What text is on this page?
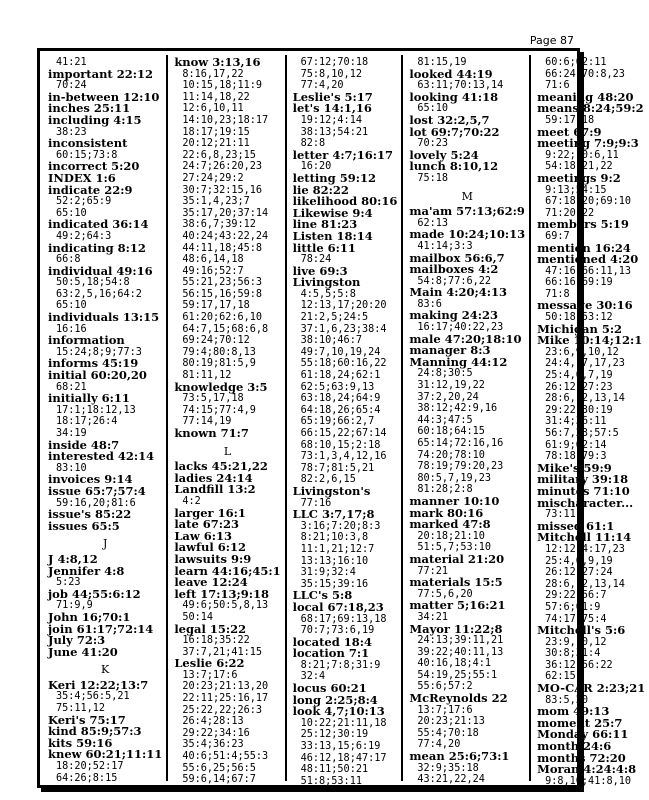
Page 87
41:21
important 22:12
70:24
in-between 12:10
inches 25:11
including 4:15
38:23
inconsistent
60:15;73:8
incorrect 5:20
INDEX 1:6
indicate 22:9
52:2;65:9
65:10
indicated 36:14
49:2;64:3
indicating 8:12
66:8
individual 49:16
50:5,18;54:8
63:2,5,16;64:2
65:10
individuals 13:15
16:16
information
15:24;8;9;77:3
informs 45:19
initial 60:20,20
68:21
initially 6:11
17:1;18:12,13
18:17;26:4
34:19
inside 48:7
interested 42:14
83:10
invoices 9:14
issue 65:7;57:4
59:16,20;81:6
issue's 85:22
issues 65:5
J
J 4:8,12
Jennifer 4:8
5:23
job 44;55:6:12
71:9,9
John 16;70:1
join 61:17;72:14
July 72:3
June 41:20
K
Keri 12:22;13:7
35:4;56:5,21
75:11,12
Keri's 75:17
kind 85:9;57:3
kits 59:16
knew 60:21;11:11
18:20;52:17
64:26;8:15
know 3:13,16
8:16,17,22
10:15,18;11:9
11:14,18,22
12:6,10,11
14:10,23;18:17
18:17;19:15
20:12;21:11
22:6,8,23;15
24:7;26:20,23
27:24;29:2
30:7;32:15,16
35:1,4,23;7
35:17,20;37:14
38:6,7;39:12
40:24;43:22,24
44:11,18;45:8
48:6,14,18
49:16;52:7
55:21,23;56:3
56:15,16;59:8
59:17,17,18
61:20;62:6,10
64:7,15;68:6,8
69:24;70:12
79:4;80:8,13
80:19;81:5,9
81:11,12
knowledge 3:5
73:5,17,18
74:15;77:4,9
77:14,19
known 71:7
L
lacks 45:21,22
ladies 24:14
Landfill 13:2
4:2
larger 16:1
late 67:23
Law 6:13
lawful 6:12
lawsuits 9:9
learn 44:16;45:1
leave 12:24
left 17:13;9:18
49:6;50:5,8,13
50:14
legal 15:22
16:18;35:22
37:7,21;41:15
Leslie 6:22
13:7;17:6
20:23;21:13,20
22:11;25:16,17
25:22,22;26:3
26:4;28:13
29:22;34:16
35:4;36:23
40:6;51:4;55:3
55:6,25;56:5
59:6,14;67:7
67:12;70:18
75:8,10,12
77:4,20
Leslie's 5:17
let's 14:1,16
19:12;4:14
38:13;54:21
82:8
letter 4:7;16:17
16:20
letting 59:12
lie 82:22
likelihood 80:16
Likewise 9:4
line 81:23
Listen 18:14
little 6:11
78:24
live 69:3
Livingston
4:5,5;5:8
12:13,17;20:20
21:2,5;24:5
37:1,6,23;38:4
38:10;46:7
49:7,10,19,24
55:18;60:16,22
61:18,24;62:1
62:5;63:9,13
63:18,24;64:9
64:18,26;65:4
65:19;66:2,7
66:15,22;67:14
68:10,15;2:18
73:1,3,4,12,16
78:7;81:5,21
82:2,6,15
Livingston's
77:16
LLC 3:7,17;8
3:16;7:20;8:3
8:21;10:3,8
11:1,21;12:7
13:13;16:10
31:9;32:4
35:15;39:16
LLC's 5:8
local 67:18,23
68:17;69:13,18
70:7;73:6,19
located 18:4
location 7:1
8:21;7:8;31:9
32:4
locus 60:21
long 2:25;8:4
look 4,7;10:13
10:22;21:11,18
25:12;30:19
33:13,15;6:19
46:12,18;47:17
48:11;50:21
51:8;53:11
81:15,19
looked 44:19
63:11;70:13,14
looking 41:18
65:10
lost 32:2,5,7
lot 69:7;70:22
70:23
lovely 5:24
lunch 8:10,12
75:18
M
ma'am 57:13;62:9
62:13
made 10:24;10:13
41:14;3:3
mailbox 56:6,7
mailboxes 4:2
54:8;77:6,22
Main 4:20;4:13
83:6
making 24:23
16:17;40:22,23
male 47:20;18:10
manager 8:3
Manning 44:12
24:8;30:5
31:12,19,22
37:2,20,24
38:12;42:9,16
44:3;47:5
60:18;64:15
65:14;72:16,16
74:20;78:10
78:19;79:20,23
80:5,7,19,23
81:28;2:8
manner 10:10
mark 80:16
marked 47:8
20:18;21:10
51:5,7;53:10
material 21:20
77:21
materials 15:5
77:5,6,20
matter 5;16:21
34:21
Mayor 11:22;8
24:13;39:11,21
39:22;40:11,13
40:16,18;4:1
54:19,25;55:1
55:6;57:2
McReynolds 22
13:7;17:6
20:23;21:13
55:4;70:18
77:4,20
mean 25:6;73:1
32:9;35:18
43:21,22,24
60:6;62:11
66:24;70:8,23
71:6
meaning 48:20
means 8:24;59:2
59:17,18
meet 67:9
meeting 7:9;9:3
9:22;10:6,11
54:18,21,22
meetings 9:2
9:13;54:15
67:18,20;69:10
71:20,22
members 5:19
69:7
mention 16:24
mentioned 4:20
47:16;66:11,13
66:16;69:19
71:8
message 30:16
50:18;53:12
Michigan 5:2
Mike 10:14;12:1
23:6,9,10,12
24:4,17,17,23
25:4,6,7,19
26:12;27:23
28:6,12,13,14
29:22;30:19
31:4;36:11
56:7,23;57:5
61:9;62:14
78:18;79:3
Mike's 59:9
military 39:18
minutes 71:10
mischaracter...
73:11
missed 61:1
Mitchell 11:14
12:12;4:17,23
25:4,6,9,19
26:12;27:24
28:6,12,13,14
29:22;56:7
57:6;61:9
74:17;75:4
Mitchell's 5:6
23:9,10,12
30:8;31:4
36:12;56:22
62:15
MO-CAR 2:23;21
83:5,20
mom 49:13
moment 25:7
Monday 66:11
month 24:6
months 72:20
Moran 4:24:4:8
9:8,10;41:8,10
